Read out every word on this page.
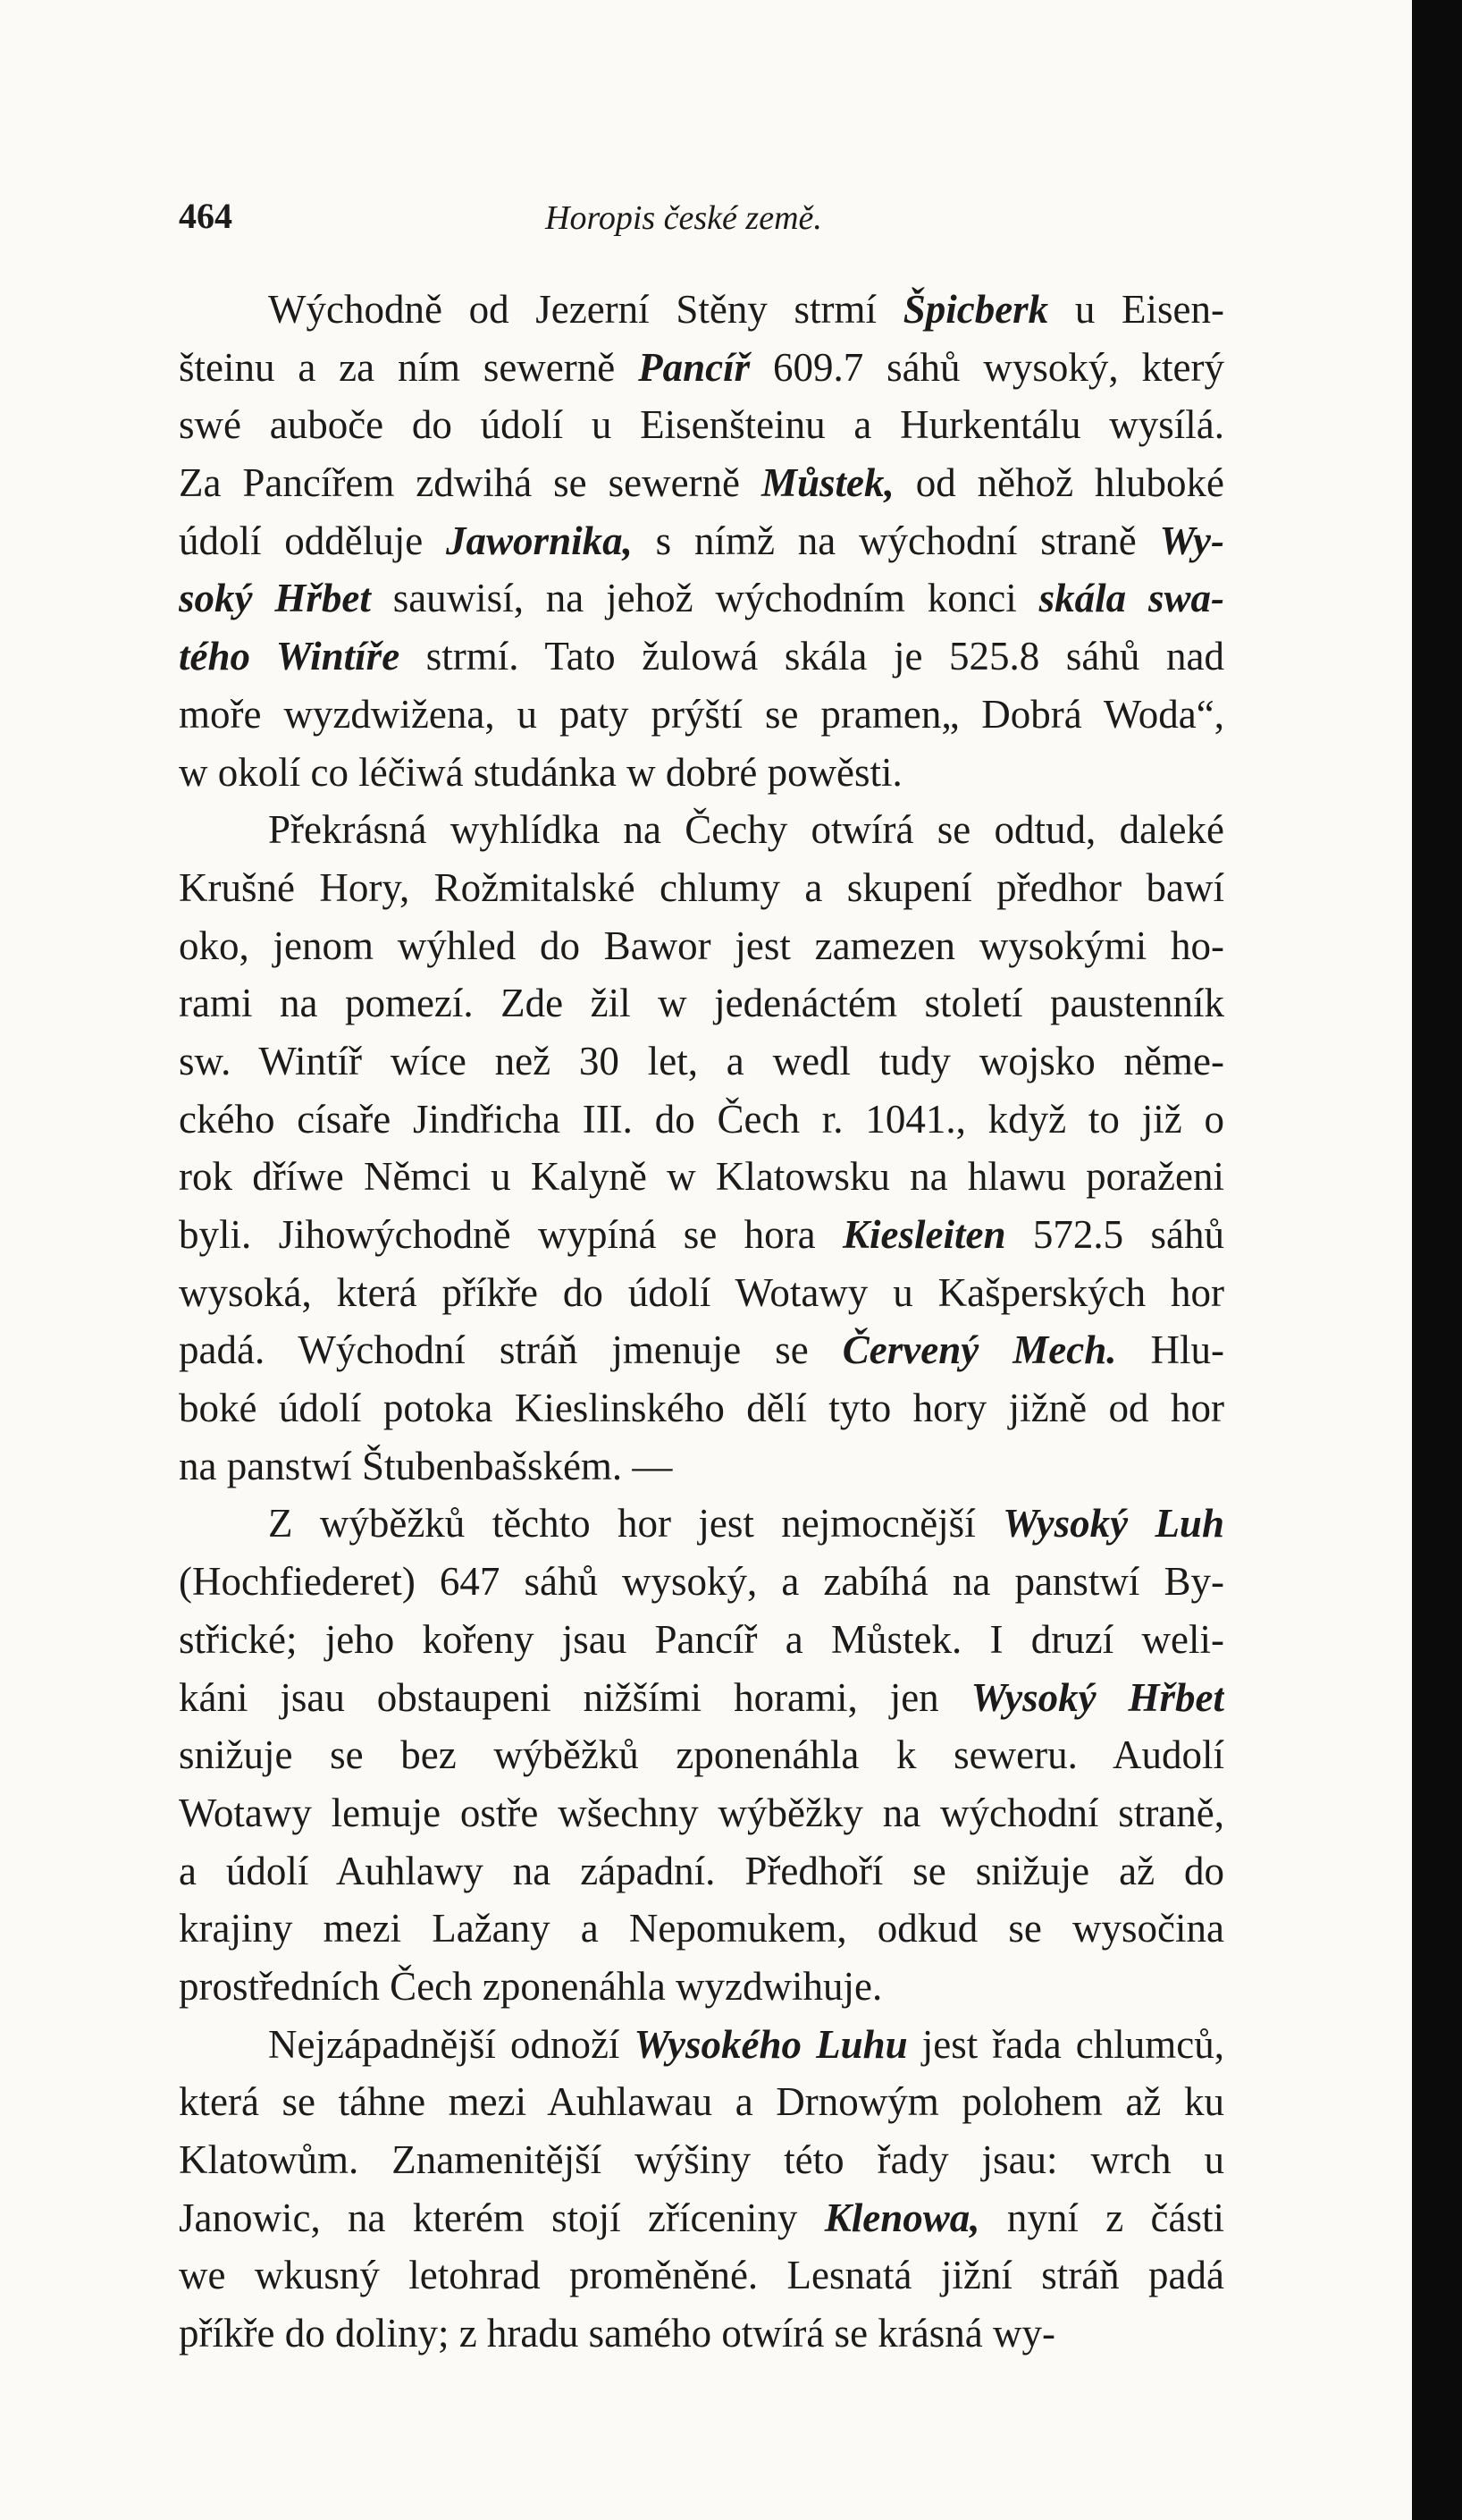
464	Horopis české země.
Wýchodně od Jezerní Stěny strmí Špicberk u Eisen-
šteinu a za ním sewerně Pancíř 609.7 sáhů wysoký, který
swé auboče do údolí u Eisenšteinu a Hurkentálu wysílá.
Za Pancířem zdwihá se sewerně Můstek, od něhož hluboké
údolí odděluje Jawornika, s nímž na wýchodní straně Wy-
soký Hřbet sauwisí, na jehož wýchodním konci skála swa-
tého Wintíře strmí. Tato žulowá skála je 525.8 sáhů nad
moře wyzdwižena, u paty prýští se pramen„ Dobrá Woda“,
w okolí co léčiwá studánka w dobré powěsti.
Překrásná wyhlídka na Čechy otwírá se odtud, daleké
Krušné Hory, Rožmitalské chlumy a skupení předhor bawí
oko, jenom wýhled do Bawor jest zamezen wysokými ho-
rami na pomezí. Zde žil w jedenáctém století paustenník
sw. Wintíř wíce než 30 let, a wedl tudy wojsko něme-
ckého císaře Jindřicha III. do Čech r. 1041., když to již o
rok dříwe Němci u Kalyně w Klatowsku na hlawu poraženi
byli. Jihowýchodně wypíná se hora Kiesleiten 572.5 sáhů
wysoká, která příkře do údolí Wotawy u Kašperských hor
padá. Wýchodní stráň jmenuje se Červený Mech. Hlu-
boké údolí potoka Kieslinského dělí tyto hory jižně od hor
na panstwí Štubenbašském. —
Z wýběžků těchto hor jest nejmocnější Wysoký Luh
(Hochfiederet) 647 sáhů wysoký, a zabíhá na panstwí By-
střické; jeho kořeny jsau Pancíř a Můstek. I druzí weli-
káni jsau obstaupeni nižšími horami, jen Wysoký Hřbet
snižuje se bez wýběžků zponenáhla k seweru. Audolí
Wotawy lemuje ostře wšechny wýběžky na wýchodní straně,
a údolí Auhlawy na západní. Předhoří se snižuje až do
krajiny mezi Lažany a Nepomukem, odkud se wysočina
prostředních Čech zponenáhla wyzdwihuje.
Nejzápadnější odnoží Wysokého Luhu jest řada chlumců,
která se táhne mezi Auhlawau a Drnowým polohem až ku
Klatowům. Znamenitější wýšiny této řady jsau: wrch u
Janowic, na kterém stojí zříceniny Klenowa, nyní z části
we wkusný letohrad proměněné. Lesnatá jižní stráň padá
příkře do doliny; z hradu samého otwírá se krásná wy-
